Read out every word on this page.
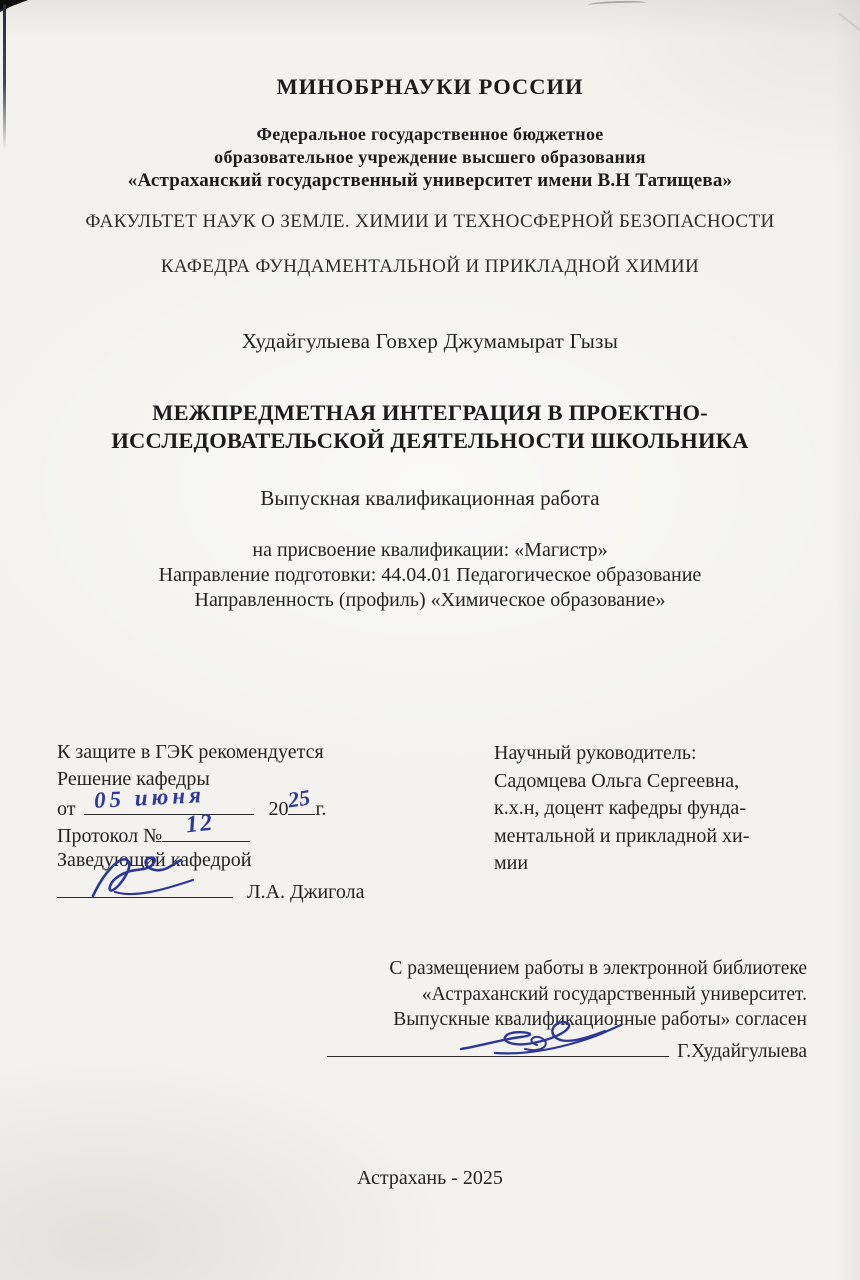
МИНОБРНАУКИ РОССИИ
Федеральное государственное бюджетное
образовательное учреждение высшего образования
«Астраханский государственный университет имени В.Н Татищева»
ФАКУЛЬТЕТ НАУК О ЗЕМЛЕ. ХИМИИ И ТЕХНОСФЕРНОЙ БЕЗОПАСНОСТИ
КАФЕДРА ФУНДАМЕНТАЛЬНОЙ И ПРИКЛАДНОЙ ХИМИИ
Худайгулыева Говхер Джумамырат Гызы
МЕЖПРЕДМЕТНАЯ ИНТЕГРАЦИЯ В ПРОЕКТНО-
ИССЛЕДОВАТЕЛЬСКОЙ ДЕЯТЕЛЬНОСТИ ШКОЛЬНИКА
Выпускная квалификационная работа
на присвоение квалификации: «Магистр»
Направление подготовки: 44.04.01 Педагогическое образование
Направленность (профиль) «Химическое образование»
К защите в ГЭК рекомендуется
Решение кафедры
от 05 июня	20
25 г.
Протокол № 12
Заведующий кафедрой
Л.А. Джигола
Научный руководитель:
Садомцева Ольга Сергеевна,
к.х.н, доцент кафедры фунда-
ментальной и прикладной хи-
мии
С размещением работы в электронной библиотеке
«Астраханский государственный университет.
Выпускные квалификационные работы» согласен
Г.Худайгулыева
Астрахань - 2025
